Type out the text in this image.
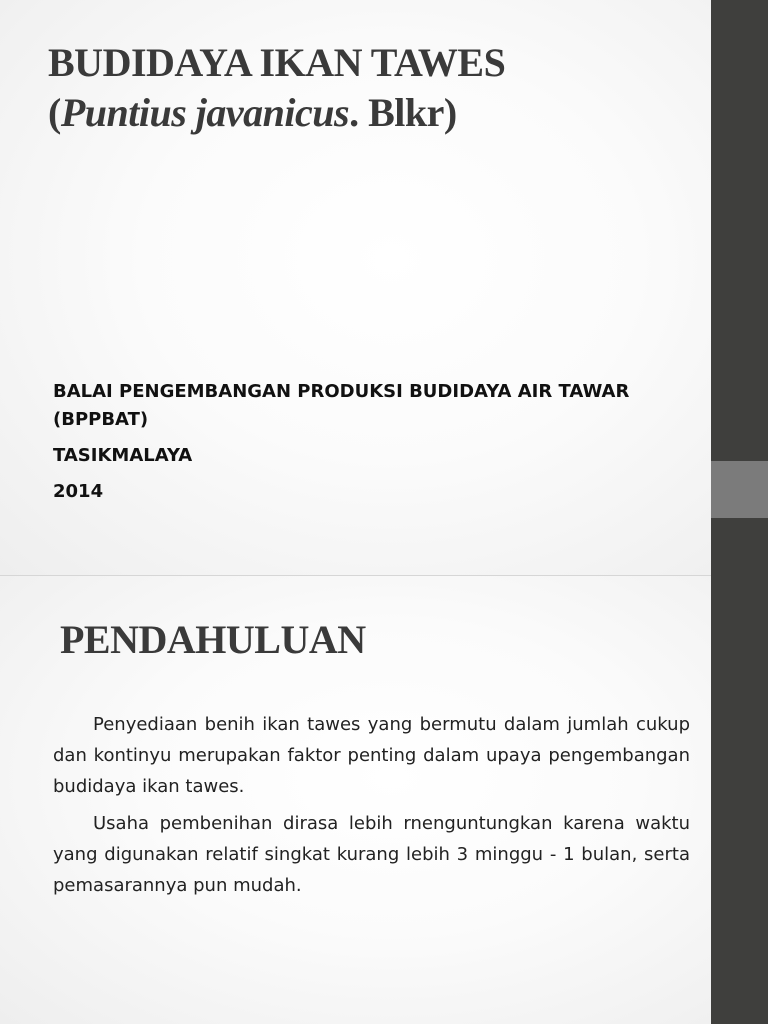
BUDIDAYA IKAN TAWES
(Puntius javanicus. Blkr)

BALAI PENGEMBANGAN PRODUKSI BUDIDAYA AIR TAWAR (BPPBAT)

TASIKMALAYA

2014

PENDAHULUAN

Penyediaan benih ikan tawes yang bermutu dalam jumlah cukup dan kontinyu merupakan faktor penting dalam upaya pengembangan budidaya ikan tawes.

Usaha pembenihan dirasa lebih rnenguntungkan karena waktu yang digunakan relatif singkat kurang lebih 3 minggu - 1 bulan, serta pemasarannya pun mudah.
